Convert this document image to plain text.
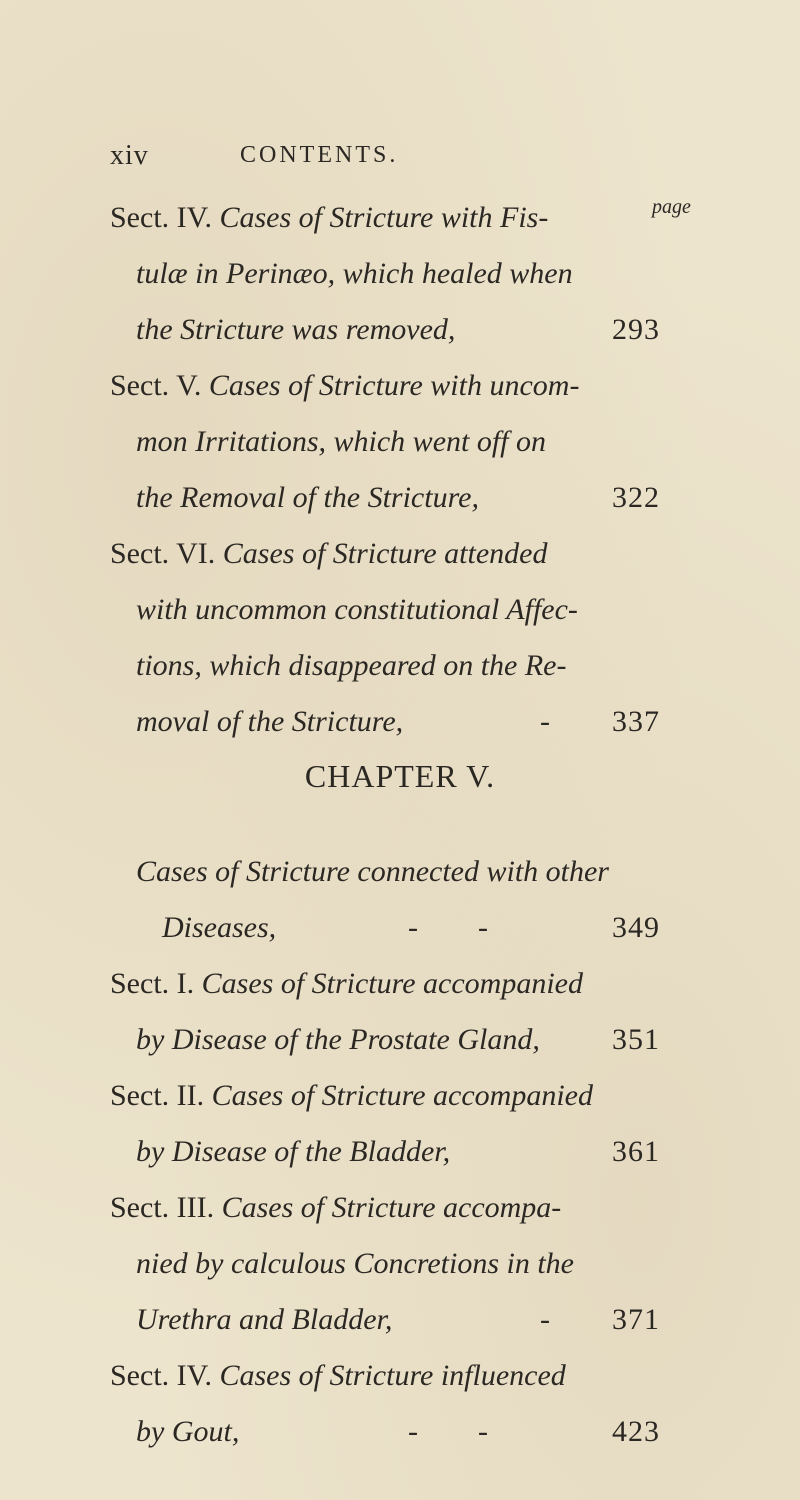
xiv	CONTENTS.
page
Sect. IV. Cases of Stricture with Fis-
tulæ in Perinæo, which healed when
the Stricture was removed,	293
Sect. V. Cases of Stricture with uncom-
mon Irritations, which went off on
the Removal of the Stricture,	322
Sect. VI. Cases of Stricture attended
with uncommon constitutional Affec-
tions, which disappeared on the Re-
moval of the Stricture,	- 337
CHAPTER V.
Cases of Stricture connected with other
Diseases,	-        -	349
Sect. I. Cases of Stricture accompanied
by Disease of the Prostate Gland, 351
Sect. II. Cases of Stricture accompanied
by Disease of the Bladder,	361
Sect. III. Cases of Stricture accompa-
nied by calculous Concretions in the
Urethra and Bladder,	- 371
Sect. IV. Cases of Stricture influenced
by Gout,	-        -	423
